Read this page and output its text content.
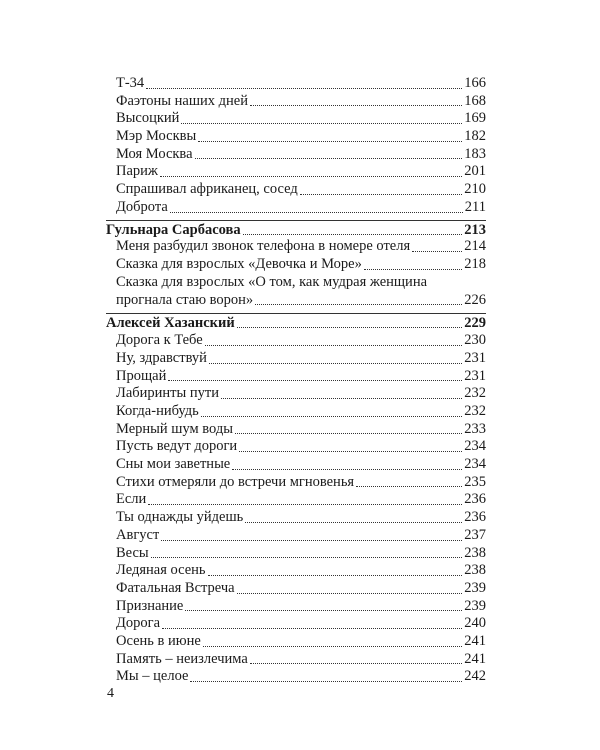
Т-34	166
Фаэтоны наших дней	168
Высоцкий	169
Мэр Москвы	182
Моя Москва	183
Париж	201
Спрашивал африканец, сосед	210
Доброта	211
Гульнара Сарбасова	213
Меня разбудил звонок телефона в номере отеля	214
Сказка для взрослых «Девочка и Море»	218
Сказка для взрослых «О том, как мудрая женщина
прогнала стаю ворон»	226
Алексей Хазанский	229
Дорога к Тебе	230
Ну, здравствуй	231
Прощай	231
Лабиринты пути	232
Когда-нибудь	232
Мерный шум воды	233
Пусть ведут дороги	234
Сны мои заветные	234
Стихи отмеряли до встречи мгновенья	235
Если	236
Ты однажды уйдешь	236
Август	237
Весы	238
Ледяная осень	238
Фатальная Встреча	239
Признание	239
Дорога	240
Осень в июне	241
Память – неизлечима	241
Мы – целое	242
4
